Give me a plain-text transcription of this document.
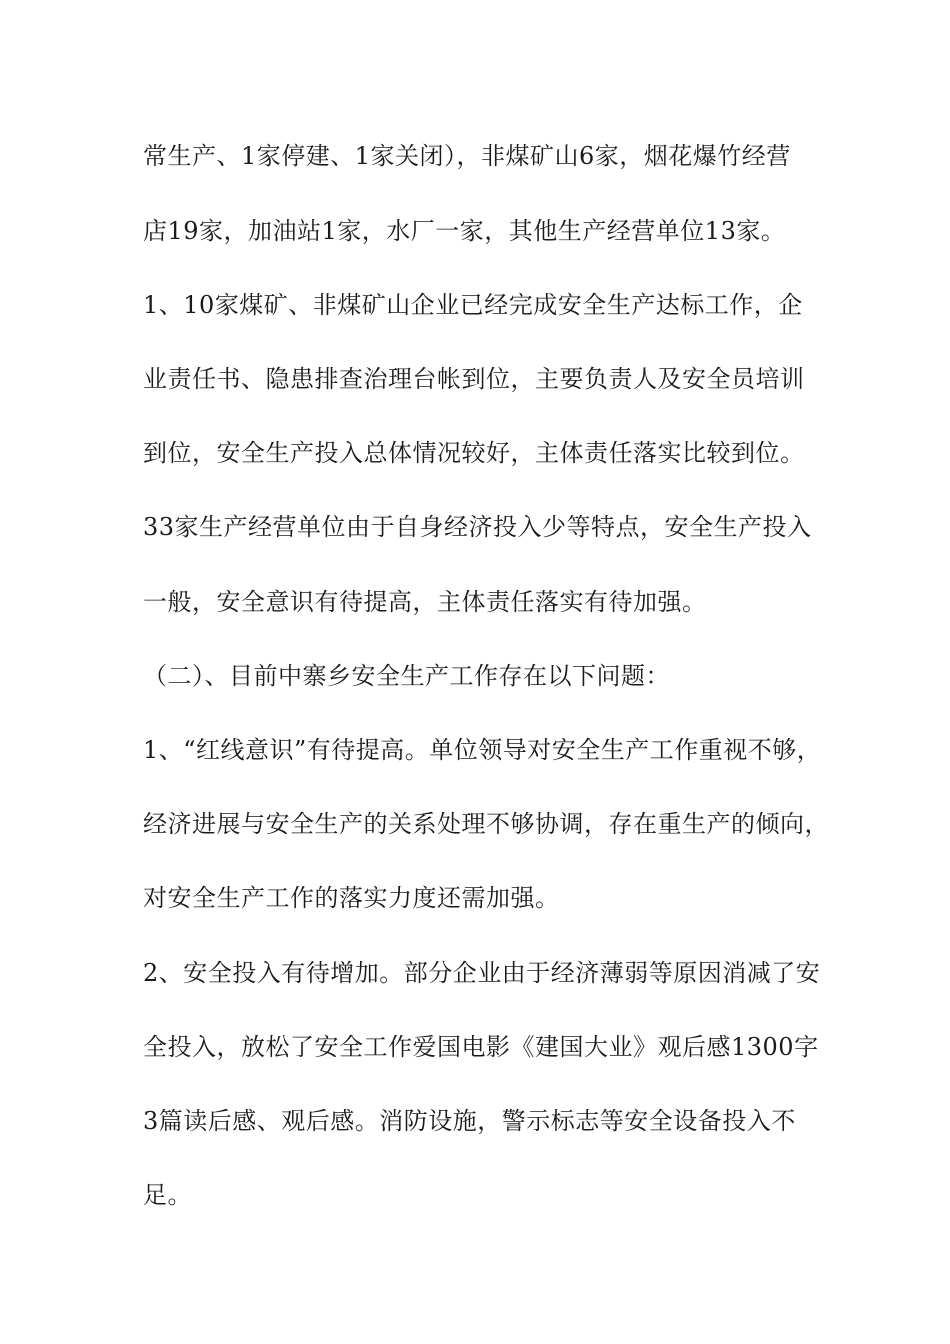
常生产、1家停建、1家关闭），非煤矿山6家，烟花爆竹经营
店19家，加油站1家，水厂一家，其他生产经营单位13家。
1、10家煤矿、非煤矿山企业已经完成安全生产达标工作，企
业责任书、隐患排查治理台帐到位，主要负责人及安全员培训
到位，安全生产投入总体情况较好，主体责任落实比较到位。
33家生产经营单位由于自身经济投入少等特点，安全生产投入
一般，安全意识有待提高，主体责任落实有待加强。
（二）、目前中寨乡安全生产工作存在以下问题：
1、“红线意识”有待提高。单位领导对安全生产工作重视不够，
经济进展与安全生产的关系处理不够协调，存在重生产的倾向，
对安全生产工作的落实力度还需加强。
2、安全投入有待增加。部分企业由于经济薄弱等原因消减了安
全投入，放松了安全工作爱国电影《建国大业》观后感1300字
3篇读后感、观后感。消防设施，警示标志等安全设备投入不
足。
